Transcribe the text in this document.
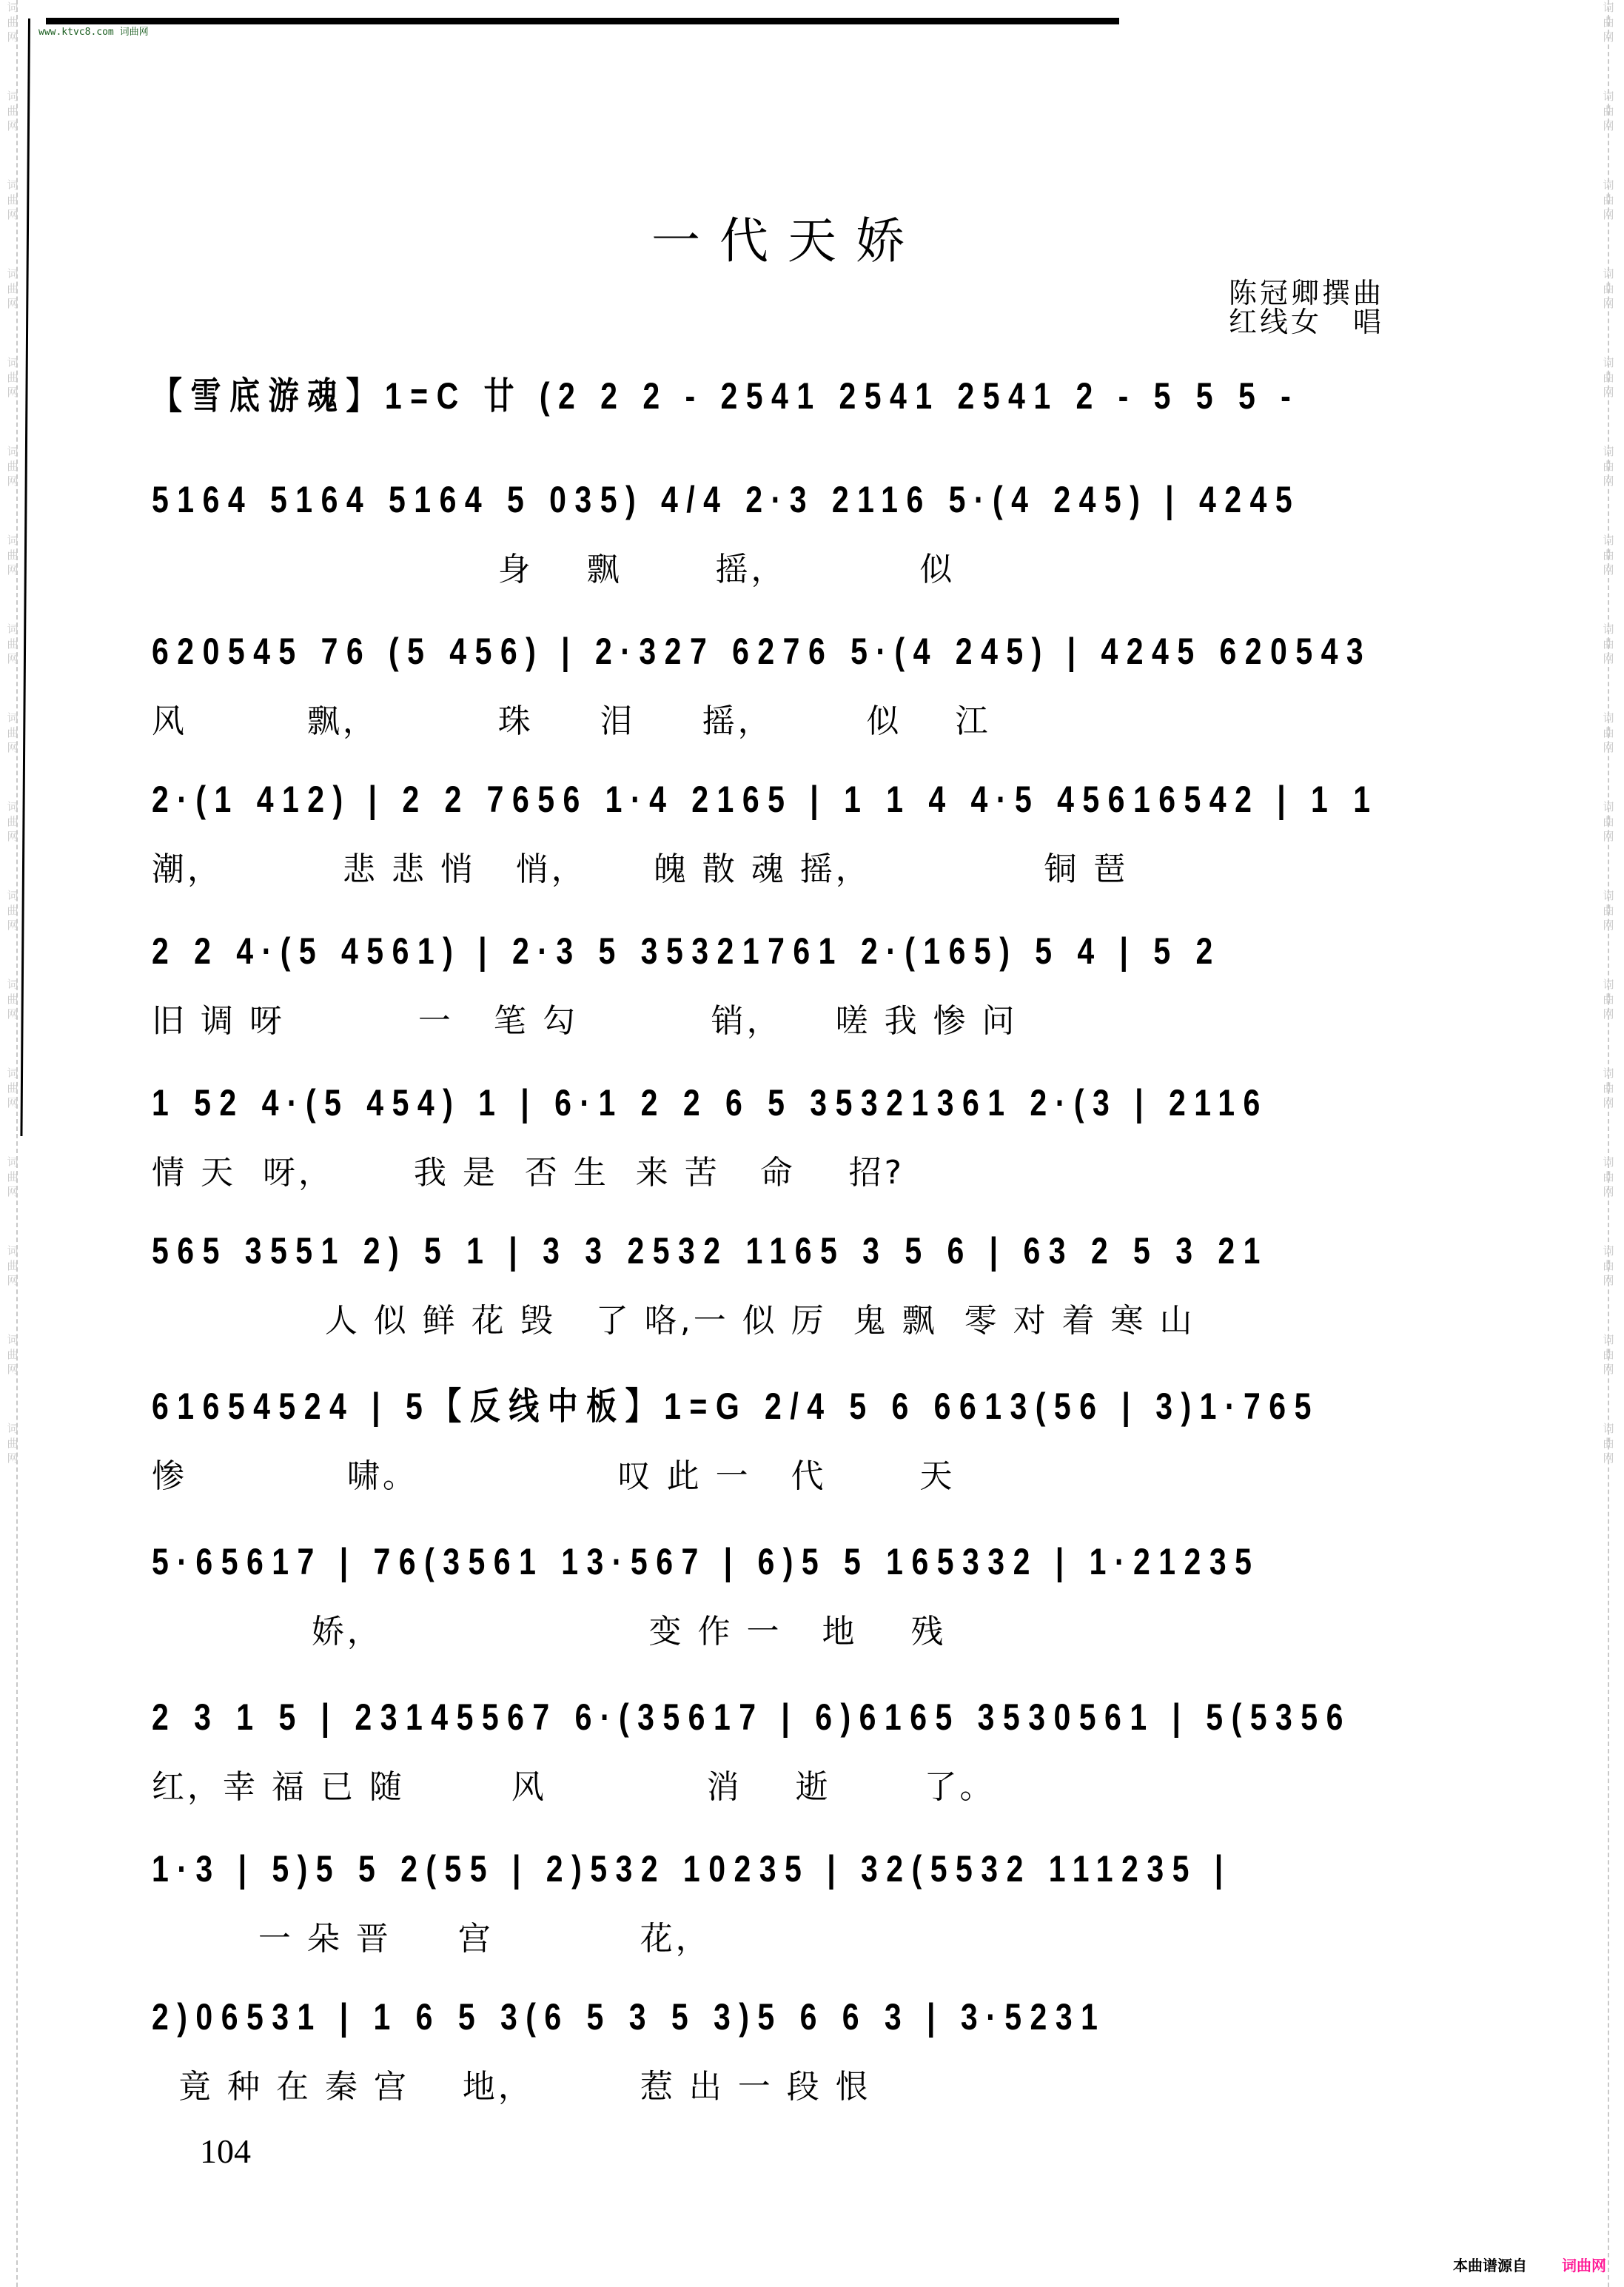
词
曲
网
词
曲
网
词
曲
网
词
曲
网
词
曲
网
词
曲
网
词
曲
网
词
曲
网
词
曲
网
词
曲
网
词
曲
网
词
曲
网
词
曲
网
词
曲
网
词
曲
网
词
曲
网
词
曲
网
词
曲
网
词
曲
网
词
曲
网
词
曲
网
词
曲
网
词
曲
网
词
曲
网
词
曲
网
词
曲
网
词
曲
网
词
曲
网
词
曲
网
词
曲
网
词
曲
网
词
曲
网
词
曲
网
词
曲
网
www.ktvc8.com 词曲网
一代天娇
陈冠卿撰曲
红线女　唱
【雪底游魂】1=C 廿 (2 2 2 - 2541 2541 2541 2 - 5 5 5 -
5164 5164 5164 5 035) 4/4 2·3 2116 5·(4 245) | 4245
身    飘       摇，          似
620545 76 (5 456) | 2·327 6276 5·(4 245) | 4245 620543
风         飘，         珠     泪     摇，       似    江
2·(1 412) | 2 2 7656 1·4 2165 | 1 1 4 4·5 45616542 | 1 1
潮，         悲 悲 悄   悄，     魄 散 魂 摇，             铜 琶
2 2 4·(5 4561) | 2·3 5 35321761 2·(165) 5 4 | 5 2
旧 调 呀          一   笔 勾          销，    嗟 我 惨 问
1 52 4·(5 454) 1 | 6·1 2 2 6 5 35321361 2·(3 | 2116
情 天  呀，      我 是  否 生  来 苦   命    招?
565 3551 2) 5 1 | 3 3 2532 1165 3 5 6 | 63 2 5 3 21
人 似 鲜 花 毁   了 咯,一 似 厉  鬼 飘  零 对 着 寒 山
61654524 | 5【反线中板】1=G 2/4 5 6 6613(56 | 3)1·765
惨            啸。               叹 此 一   代       天
5·65617 | 76(3561 13·567 | 6)5 5 165332 | 1·21235
娇，                    变 作 一   地    残
2 3 1 5 | 23145567 6·(35617 | 6)6165 3530561 | 5(5356
红，幸 福 已 随        风            消    逝       了。
1·3 | 5)5 5 2(55 | 2)532 10235 | 32(5532 111235 |
一 朵 晋     宫           花，
2)06531 | 1 6 5 3(6 5 3 5 3)5 6 6 3 | 3·5231
竟 种 在 秦 宫    地，        惹 出 一 段 恨
104
本曲谱源自 词曲网
